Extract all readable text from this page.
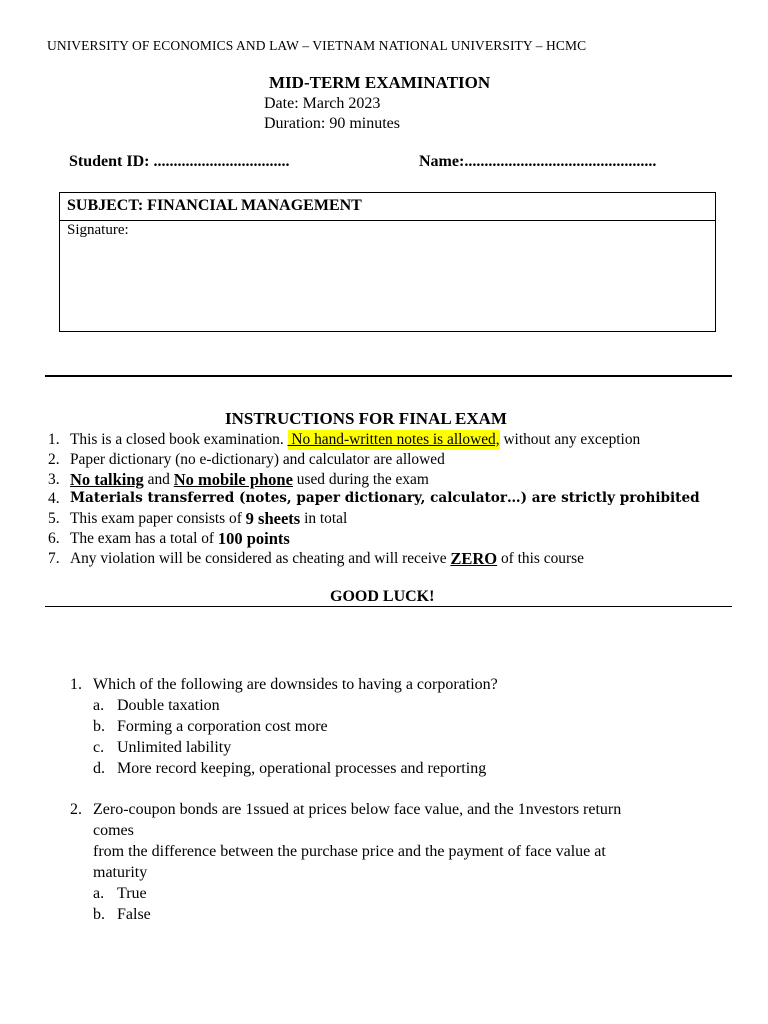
UNIVERSITY OF ECONOMICS AND LAW – VIETNAM NATIONAL UNIVERSITY – HCMC
MID-TERM EXAMINATION
Date: March 2023
Duration: 90 minutes
Student ID: ..................................	Name:................................................
SUBJECT: FINANCIAL MANAGEMENT
Signature:
INSTRUCTIONS FOR FINAL EXAM
1. This is a closed book examination. No hand-written notes is allowed, without any exception
2. Paper dictionary (no e-dictionary) and calculator are allowed
3. No talking and No mobile phone used during the exam
4. Materials transferred (notes, paper dictionary, calculator…) are strictly prohibited
5. This exam paper consists of 9 sheets in total
6. The exam has a total of 100 points
7. Any violation will be considered as cheating and will receive ZERO of this course
GOOD LUCK!
1. Which of the following are downsides to having a corporation?
a. Double taxation
b. Forming a corporation cost more
c. Unlimited lability
d. More record keeping, operational processes and reporting
2. Zero-coupon bonds are 1ssued at prices below face value, and the 1nvestors return
comes
from the difference between the purchase price and the payment of face value at
maturity
a. True
b. False
